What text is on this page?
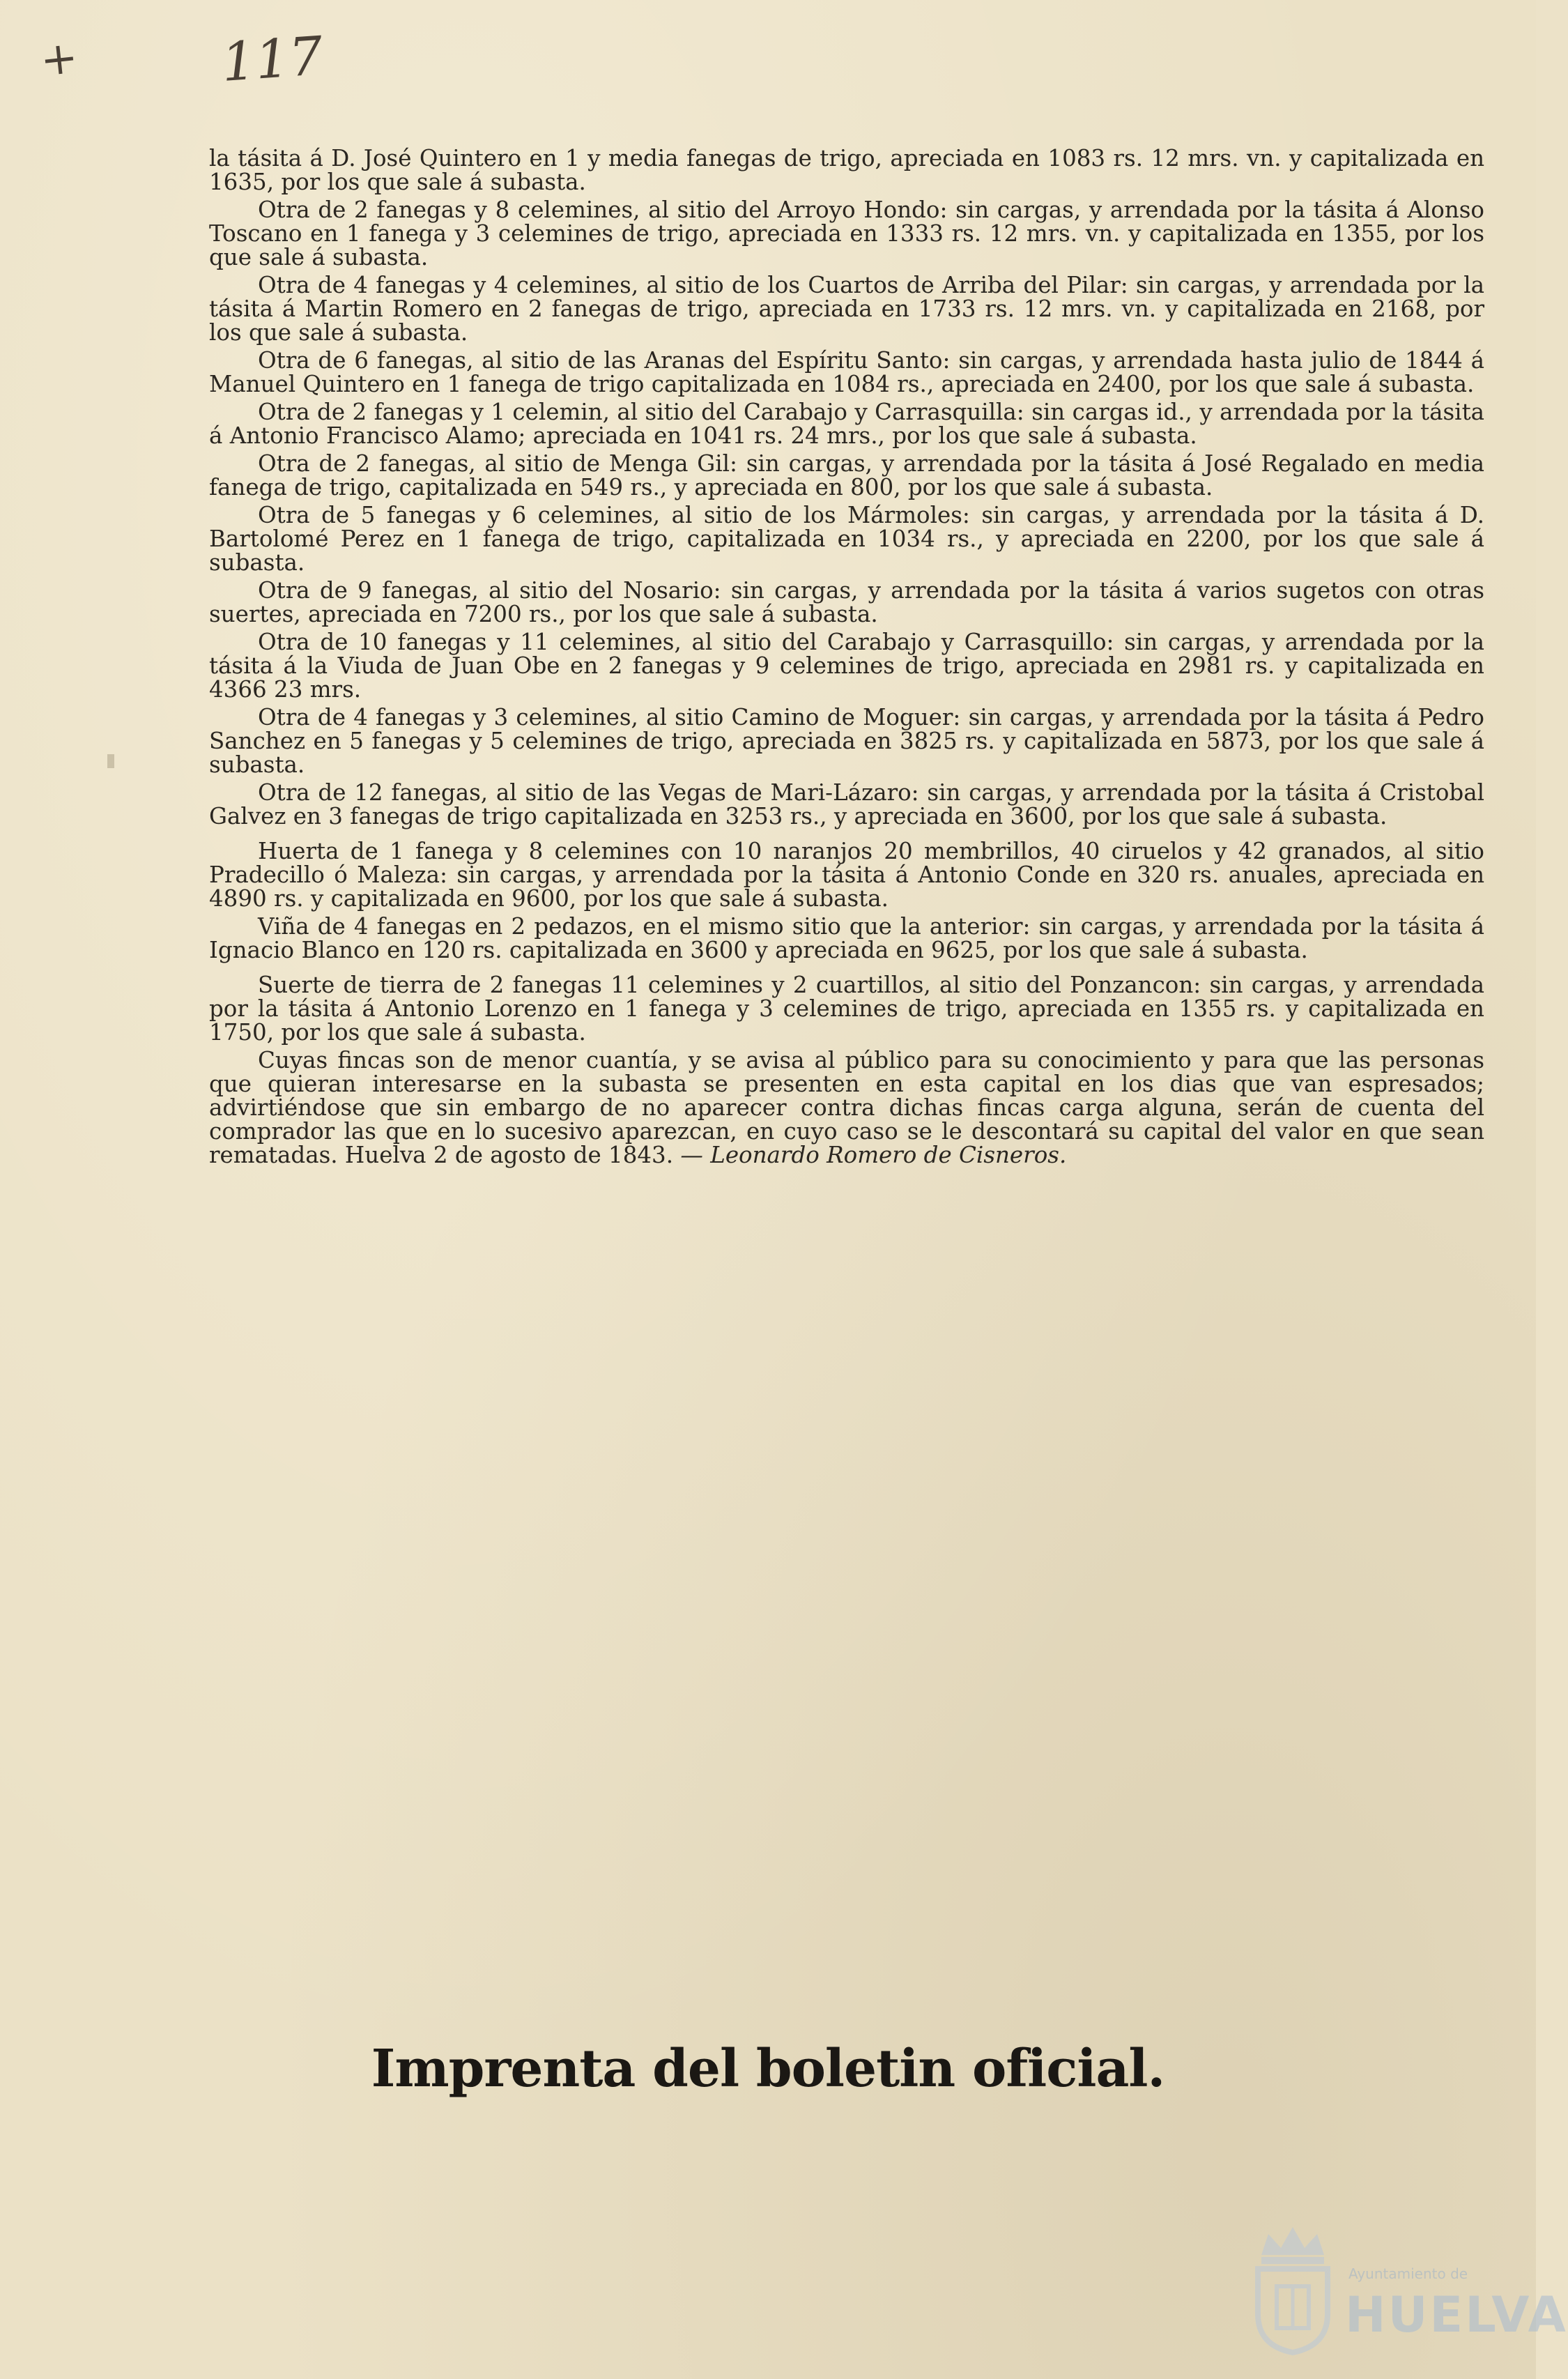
+	117

la tásita á D. José Quintero en 1 y media fanegas de trigo, apreciada en 1083 rs. 12 mrs. vn. y capitalizada en 1635, por los que sale á subasta.

Otra de 2 fanegas y 8 celemines, al sitio del Arroyo Hondo: sin cargas, y arrendada por la tásita á Alonso Toscano en 1 fanega y 3 celemines de trigo, apreciada en 1333 rs. 12 mrs. vn. y capitalizada en 1355, por los que sale á subasta.

Otra de 4 fanegas y 4 celemines, al sitio de los Cuartos de Arriba del Pilar: sin cargas, y arrendada por la tásita á Martin Romero en 2 fanegas de trigo, apreciada en 1733 rs. 12 mrs. vn. y capitalizada en 2168, por los que sale á subasta.

Otra de 6 fanegas, al sitio de las Aranas del Espíritu Santo: sin cargas, y arrendada hasta julio de 1844 á Manuel Quintero en 1 fanega de trigo capitalizada en 1084 rs., apreciada en 2400, por los que sale á subasta.

Otra de 2 fanegas y 1 celemin, al sitio del Carabajo y Carrasquilla: sin cargas id., y arrendada por la tásita á Antonio Francisco Alamo; apreciada en 1041 rs. 24 mrs., por los que sale á subasta.

Otra de 2 fanegas, al sitio de Menga Gil: sin cargas, y arrendada por la tásita á José Regalado en media fanega de trigo, capitalizada en 549 rs., y apreciada en 800, por los que sale á subasta.

Otra de 5 fanegas y 6 celemines, al sitio de los Mármoles: sin cargas, y arrendada por la tásita á D. Bartolomé Perez en 1 fanega de trigo, capitalizada en 1034 rs., y apreciada en 2200, por los que sale á subasta.

Otra de 9 fanegas, al sitio del Nosario: sin cargas, y arrendada por la tásita á varios sugetos con otras suertes, apreciada en 7200 rs., por los que sale á subasta.

Otra de 10 fanegas y 11 celemines, al sitio del Carabajo y Carrasquillo: sin cargas, y arrendada por la tásita á la Viuda de Juan Obe en 2 fanegas y 9 celemines de trigo, apreciada en 2981 rs. y capitalizada en 4366 23 mrs.

Otra de 4 fanegas y 3 celemines, al sitio Camino de Moguer: sin cargas, y arrendada por la tásita á Pedro Sanchez en 5 fanegas y 5 celemines de trigo, apreciada en 3825 rs. y capitalizada en 5873, por los que sale á subasta.

Otra de 12 fanegas, al sitio de las Vegas de Mari-Lázaro: sin cargas, y arrendada por la tásita á Cristobal Galvez en 3 fanegas de trigo capitalizada en 3253 rs., y apreciada en 3600, por los que sale á subasta.

Huerta de 1 fanega y 8 celemines con 10 naranjos 20 membrillos, 40 ciruelos y 42 granados, al sitio Pradecillo ó Maleza: sin cargas, y arrendada por la tásita á Antonio Conde en 320 rs. anuales, apreciada en 4890 rs. y capitalizada en 9600, por los que sale á subasta.

Viña de 4 fanegas en 2 pedazos, en el mismo sitio que la anterior: sin cargas, y arrendada por la tásita á Ignacio Blanco en 120 rs. capitalizada en 3600 y apreciada en 9625, por los que sale á subasta.

Suerte de tierra de 2 fanegas 11 celemines y 2 cuartillos, al sitio del Ponzancon: sin cargas, y arrendada por la tásita á Antonio Lorenzo en 1 fanega y 3 celemines de trigo, apreciada en 1355 rs. y capitalizada en 1750, por los que sale á subasta.

Cuyas fincas son de menor cuantía, y se avisa al público para su conocimiento y para que las personas que quieran interesarse en la subasta se presenten en esta capital en los dias que van espresados; advirtiéndose que sin embargo de no aparecer contra dichas fincas carga alguna, serán de cuenta del comprador las que en lo sucesivo aparezcan, en cuyo caso se le descontará su capital del valor en que sean rematadas. Huelva 2 de agosto de 1843. — Leonardo Romero de Cisneros.

Imprenta del boletin oficial.
Ayuntamiento de
HUELVA
